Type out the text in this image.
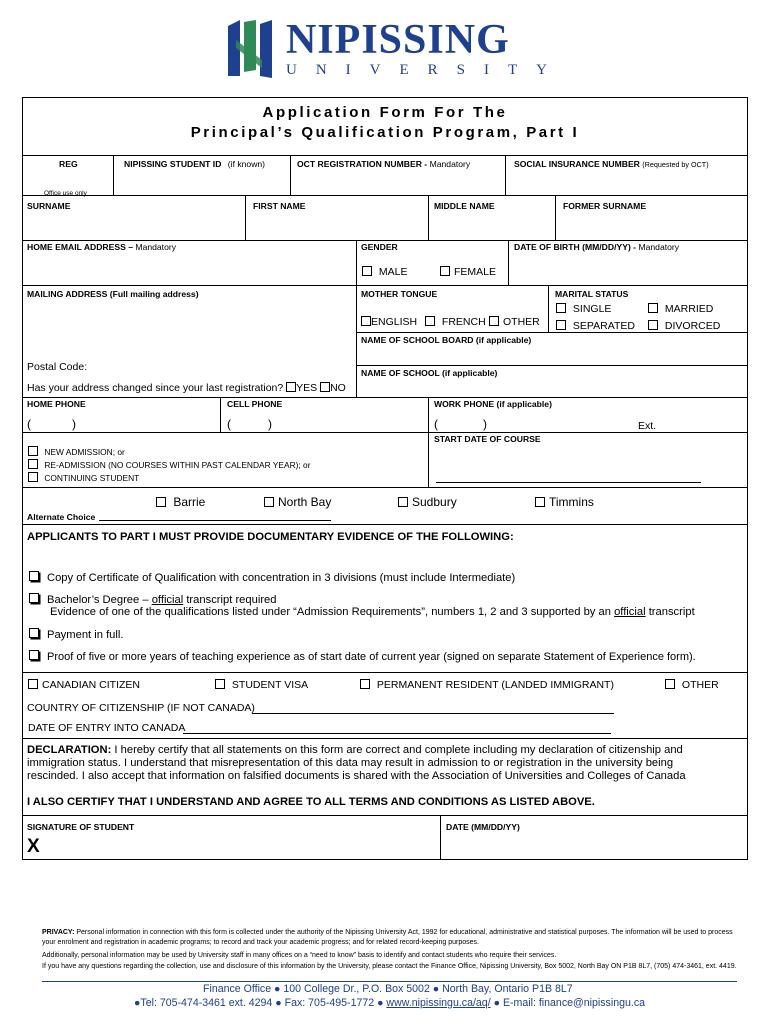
NIPISSING
UNIVERSITY
Application Form For The
Principal’s Qualification Program, Part I
REG
Office use only
NIPISSING STUDENT ID (if known)	OCT REGISTRATION NUMBER - Mandatory	SOCIAL INSURANCE NUMBER (Requested by OCT)
SURNAME	FIRST NAME	MIDDLE NAME	FORMER SURNAME
HOME EMAIL ADDRESS – Mandatory	GENDER
MALE	FEMALE
DATE OF BIRTH (MM/DD/YY) - Mandatory
MAILING ADDRESS (Full mailing address)	MOTHER TONGUE
ENGLISH	FRENCH	OTHER
MARITAL STATUS
SINGLE	MARRIED
SEPARATED	DIVORCED
NAME OF SCHOOL BOARD (if applicable)
Postal Code:	NAME OF SCHOOL (if applicable)
Has your address changed since your last registration? YES NO
HOME PHONE	CELL PHONE	WORK PHONE (if applicable)
(	)	(	)	(	)	Ext.
NEW ADMISSION; or
RE-ADMISSION (NO COURSES WITHIN PAST CALENDAR YEAR); or
CONTINUING STUDENT
START DATE OF COURSE
Barrie	North Bay	Sudbury	Timmins
Alternate Choice
APPLICANTS TO PART I MUST PROVIDE DOCUMENTARY EVIDENCE OF THE FOLLOWING:
Copy of Certificate of Qualification with concentration in 3 divisions (must include Intermediate)
Bachelor’s Degree – official transcript required
Evidence of one of the qualifications listed under “Admission Requirements”, numbers 1, 2 and 3 supported by an official transcript
Payment in full.
Proof of five or more years of teaching experience as of start date of current year (signed on separate Statement of Experience form).
CANADIAN CITIZEN	STUDENT VISA	PERMANENT RESIDENT (LANDED IMMIGRANT)	OTHER
COUNTRY OF CITIZENSHIP (IF NOT CANADA)
DATE OF ENTRY INTO CANADA
DECLARATION: I hereby certify that all statements on this form are correct and complete including my declaration of citizenship and
immigration status. I understand that misrepresentation of this data may result in admission to or registration in the university being
rescinded. I also accept that information on falsified documents is shared with the Association of Universities and Colleges of Canada
I ALSO CERTIFY THAT I UNDERSTAND AND AGREE TO ALL TERMS AND CONDITIONS AS LISTED ABOVE.
SIGNATURE OF STUDENT	DATE (MM/DD/YY)
X
PRIVACY: Personal information in connection with this form is collected under the authority of the Nipissing University Act, 1992 for educational, administrative and statistical purposes. The information will be used to process your enrolment and registration in academic programs; to record and track your academic progress; and for related record-keeping purposes.
Additionally, personal information may be used by University staff in many offices on a “need to know” basis to identify and contact students who require their services.
If you have any questions regarding the collection, use and disclosure of this information by the University, please contact the Finance Office, Nipissing University, Box 5002, North Bay ON P1B 8L7, (705) 474-3461, ext. 4419.
Finance Office ● 100 College Dr., P.O. Box 5002 ● North Bay, Ontario P1B 8L7
●Tel: 705-474-3461 ext. 4294 ● Fax: 705-495-1772 ● www.nipissingu.ca/aq/ ● E-mail: finance@nipissingu.ca
